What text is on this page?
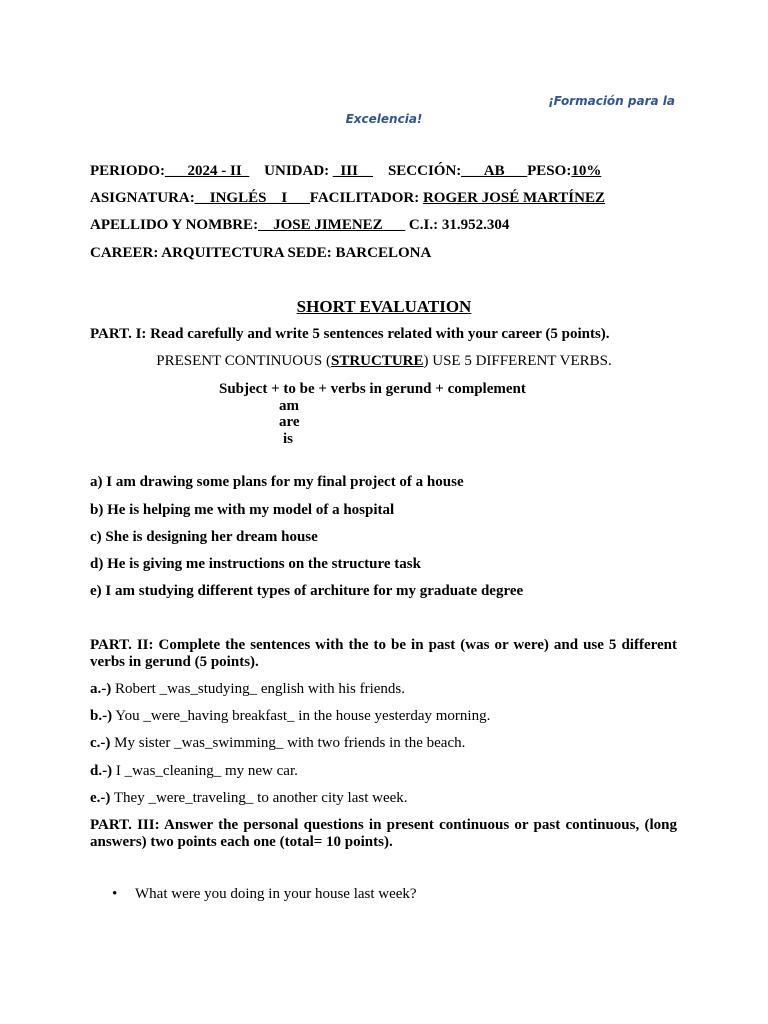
¡Formación para la
Excelencia!
PERIODO:___2024 - II_ UNIDAD: _III__ SECCIÓN:___AB___PESO:10%
ASIGNATURA:__INGLÉS__I___FACILITADOR: ROGER JOSÉ MARTÍNEZ
APELLIDO Y NOMBRE:__JOSE JIMENEZ___ C.I.: 31.952.304
CAREER: ARQUITECTURA SEDE: BARCELONA
SHORT EVALUATION
PART. I: Read carefully and write 5 sentences related with your career (5 points).
PRESENT CONTINUOUS (STRUCTURE) USE 5 DIFFERENT VERBS.
Subject + to be + verbs in gerund + complement
am
are
is
a) I am drawing some plans for my final project of a house
b) He is helping me with my model of a hospital
c) She is designing her dream house
d) He is giving me instructions on the structure task
e) I am studying different types of architure for my graduate degree
PART. II: Complete the sentences with the to be in past (was or were) and use 5 different verbs in gerund (5 points).
a.-) Robert _was_studying_ english with his friends.
b.-) You _were_having breakfast_ in the house yesterday morning.
c.-) My sister _was_swimming_ with two friends in the beach.
d.-) I _was_cleaning_ my new car.
e.-) They _were_traveling_ to another city last week.
PART. III: Answer the personal questions in present continuous or past continuous, (long answers) two points each one (total= 10 points).
• What were you doing in your house last week?
